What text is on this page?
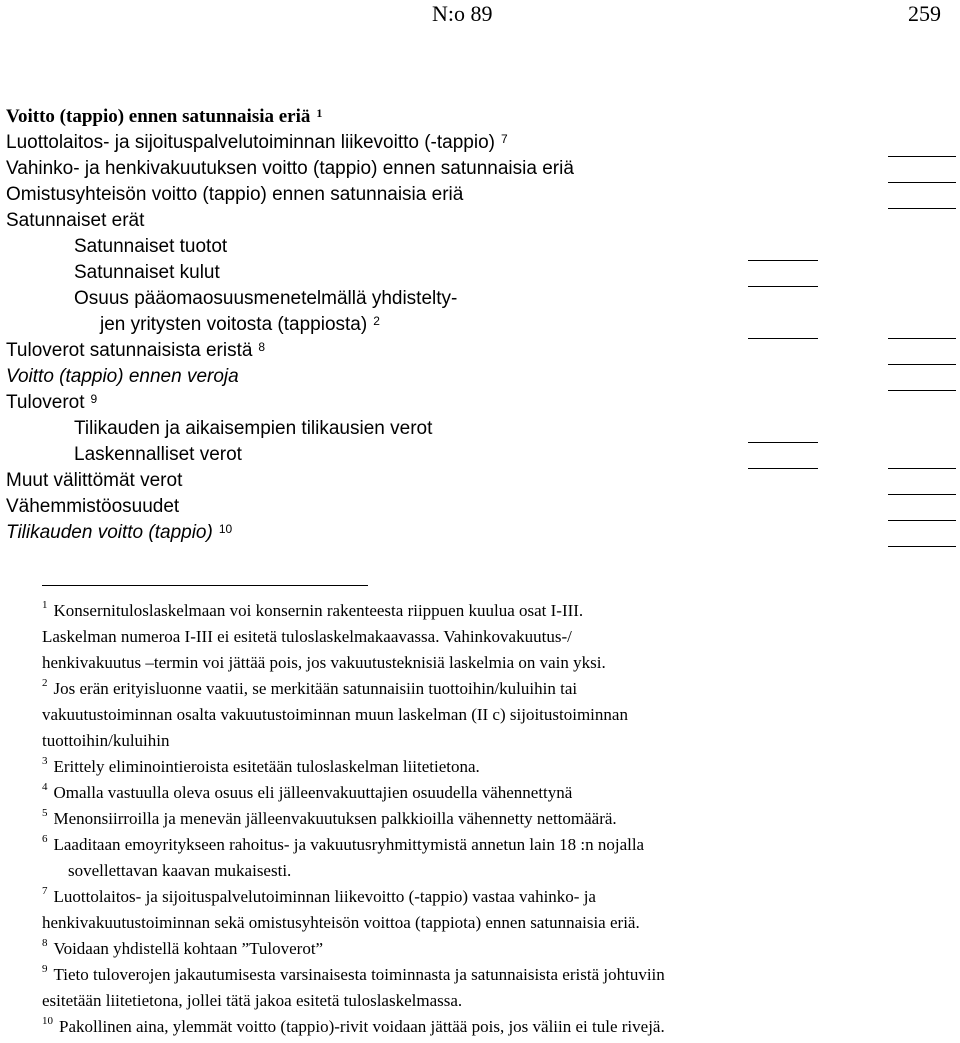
N:o 89	259
Voitto (tappio) ennen satunnaisia eriä $^1$
Luottolaitos- ja sijoituspalvelutoiminnan liikevoitto (-tappio) $^7$
Vahinko- ja henkivakuutuksen voitto (tappio) ennen satunnaisia eriä
Omistusyhteisön voitto (tappio) ennen satunnaisia eriä
Satunnaiset erät
Satunnaiset tuotot
Satunnaiset kulut
Osuus pääomaosuusmenetelmällä yhdistelty-
jen yritysten voitosta (tappiosta) $^2$
Tuloverot satunnaisista eristä $^8$
Voitto (tappio) ennen veroja
Tuloverot $^9$
Tilikauden ja aikaisempien tilikausien verot
Laskennalliset verot
Muut välittömät verot
Vähemmistöosuudet
Tilikauden voitto (tappio) $^{10}$
$^1$ Konsernituloslaskelmaan voi konsernin rakenteesta riippuen kuulua osat I-III.
Laskelman numeroa I-III ei esitetä tuloslaskelmakaavassa. Vahinkovakuutus-/
henkivakuutus –termin voi jättää pois, jos vakuutusteknisiä laskelmia on vain yksi.
$^2$ Jos erän erityisluonne vaatii, se merkitään satunnaisiin tuottoihin/kuluihin tai
vakuutustoiminnan osalta vakuutustoiminnan muun laskelman (II c) sijoitustoiminnan
tuottoihin/kuluihin
$^3$ Erittely eliminointieroista esitetään tuloslaskelman liitetietona.
$^4$ Omalla vastuulla oleva osuus eli jälleenvakuuttajien osuudella vähennettynä
$^5$ Menonsiirroilla ja menevän jälleenvakuutuksen palkkioilla vähennetty nettomäärä.
$^6$ Laaditaan emoyritykseen rahoitus- ja vakuutusryhmittymistä annetun lain 18 :n nojalla
sovellettavan kaavan mukaisesti.
$^7$ Luottolaitos- ja sijoituspalvelutoiminnan liikevoitto (-tappio) vastaa vahinko- ja
henkivakuutustoiminnan sekä omistusyhteisön voittoa (tappiota) ennen satunnaisia eriä.
$^8$ Voidaan yhdistellä kohtaan ”Tuloverot”
$^9$ Tieto tuloverojen jakautumisesta varsinaisesta toiminnasta ja satunnaisista eristä johtuviin
esitetään liitetietona, jollei tätä jakoa esitetä tuloslaskelmassa.
$^{10}$ Pakollinen aina, ylemmät voitto (tappio)-rivit voidaan jättää pois, jos väliin ei tule rivejä.
